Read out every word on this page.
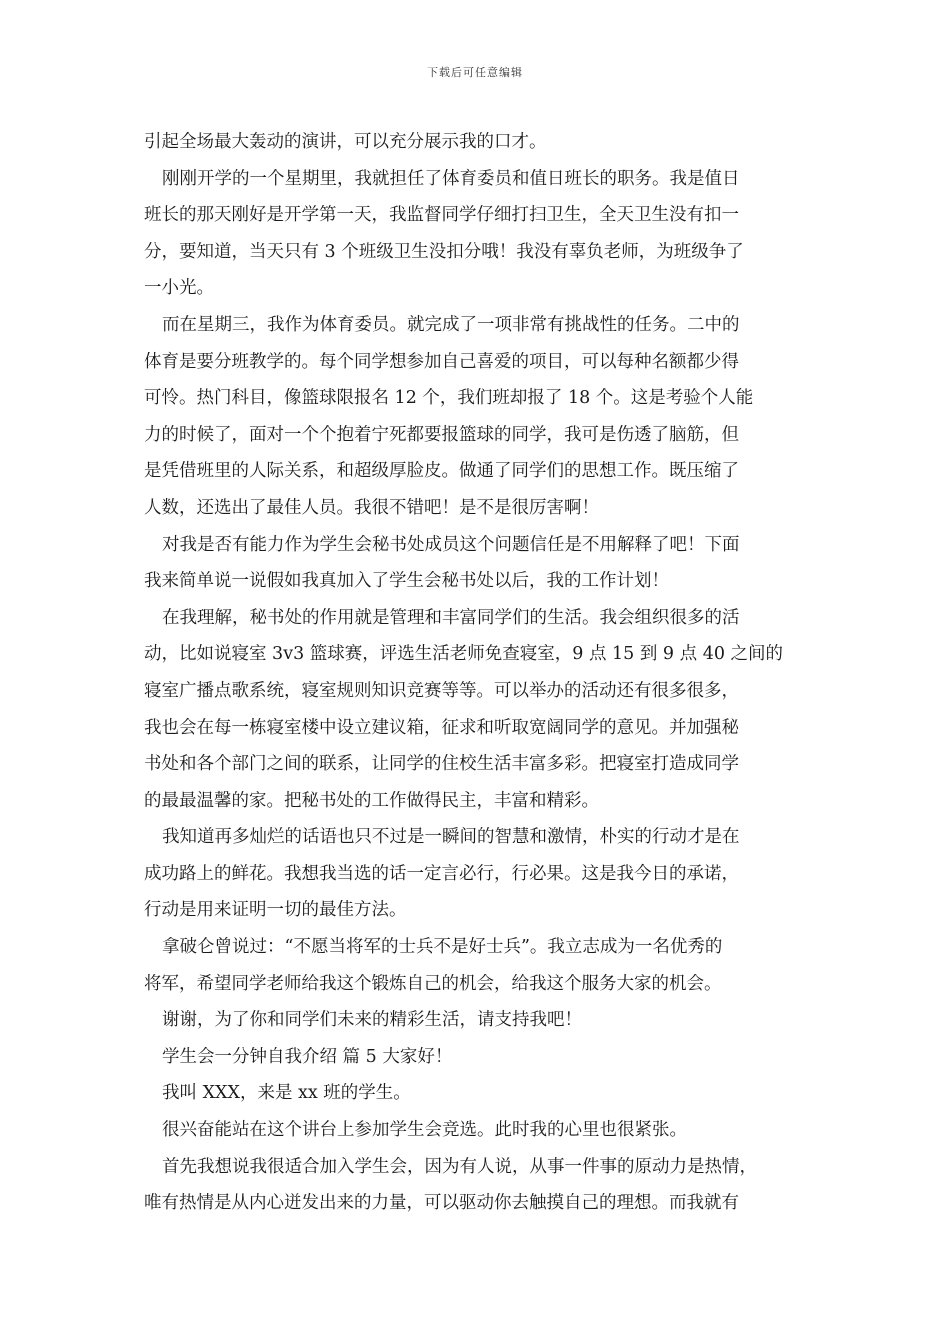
下载后可任意编辑
引起全场最大轰动的演讲，可以充分展示我的口才。
刚刚开学的一个星期里，我就担任了体育委员和值日班长的职务。我是值日
班长的那天刚好是开学第一天，我监督同学仔细打扫卫生，全天卫生没有扣一
分，要知道，当天只有 3 个班级卫生没扣分哦！我没有辜负老师，为班级争了
一小光。
而在星期三，我作为体育委员。就完成了一项非常有挑战性的任务。二中的
体育是要分班教学的。每个同学想参加自己喜爱的项目，可以每种名额都少得
可怜。热门科目，像篮球限报名 12 个，我们班却报了 18 个。这是考验个人能
力的时候了，面对一个个抱着宁死都要报篮球的同学，我可是伤透了脑筋，但
是凭借班里的人际关系，和超级厚脸皮。做通了同学们的思想工作。既压缩了
人数，还选出了最佳人员。我很不错吧！是不是很厉害啊！
对我是否有能力作为学生会秘书处成员这个问题信任是不用解释了吧！下面
我来简单说一说假如我真加入了学生会秘书处以后，我的工作计划！
在我理解，秘书处的作用就是管理和丰富同学们的生活。我会组织很多的活
动，比如说寝室 3v3 篮球赛，评选生活老师免查寝室，9 点 15 到 9 点 40 之间的
寝室广播点歌系统，寝室规则知识竞赛等等。可以举办的活动还有很多很多，
我也会在每一栋寝室楼中设立建议箱，征求和听取宽阔同学的意见。并加强秘
书处和各个部门之间的联系，让同学的住校生活丰富多彩。把寝室打造成同学
的最最温馨的家。把秘书处的工作做得民主，丰富和精彩。
我知道再多灿烂的话语也只不过是一瞬间的智慧和激情，朴实的行动才是在
成功路上的鲜花。我想我当选的话一定言必行，行必果。这是我今日的承诺，
行动是用来证明一切的最佳方法。
拿破仑曾说过：“不愿当将军的士兵不是好士兵”。我立志成为一名优秀的
将军，希望同学老师给我这个锻炼自己的机会，给我这个服务大家的机会。
谢谢，为了你和同学们未来的精彩生活，请支持我吧！
学生会一分钟自我介绍 篇 5 大家好！
我叫 XXX，来是 xx 班的学生。
很兴奋能站在这个讲台上参加学生会竞选。此时我的心里也很紧张。
首先我想说我很适合加入学生会，因为有人说，从事一件事的原动力是热情，
唯有热情是从内心迸发出来的力量，可以驱动你去触摸自己的理想。而我就有
